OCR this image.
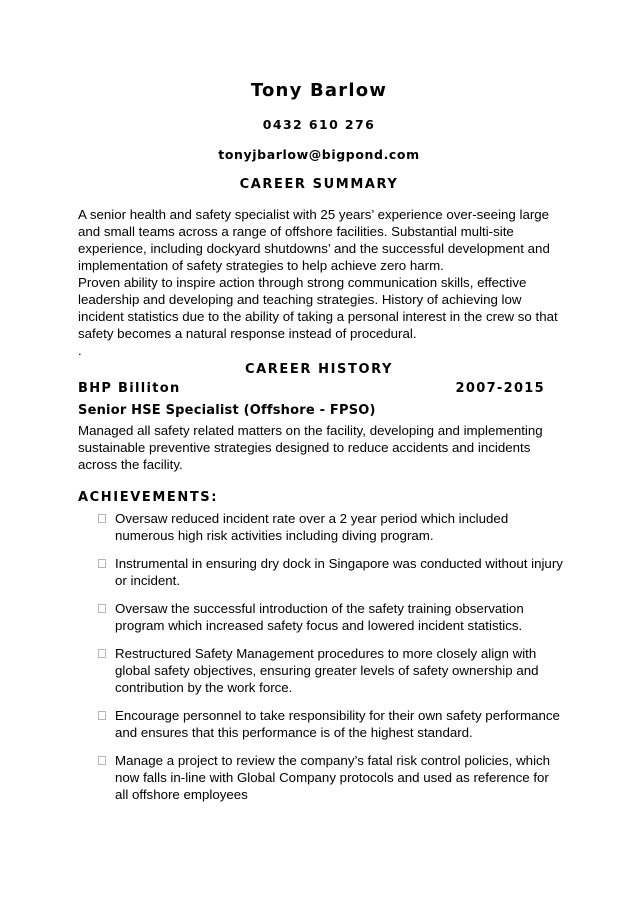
Tony Barlow
0432 610 276
tonyjbarlow@bigpond.com
CAREER SUMMARY
A senior health and safety specialist with 25 years’ experience over-seeing large and small teams across a range of offshore facilities. Substantial multi-site experience, including dockyard shutdowns’ and the successful development and implementation of safety strategies to help achieve zero harm.
Proven ability to inspire action through strong communication skills, effective leadership and developing and teaching strategies. History of achieving low incident statistics due to the ability of taking a personal interest in the crew so that safety becomes a natural response instead of procedural.
.
CAREER HISTORY
BHP Billiton	2007-2015
Senior HSE Specialist (Offshore - FPSO)
Managed all safety related matters on the facility, developing and implementing sustainable preventive strategies designed to reduce accidents and incidents across the facility.
ACHIEVEMENTS:
Oversaw reduced incident rate over a 2 year period which included numerous high risk activities including diving program.
Instrumental in ensuring dry dock in Singapore was conducted without injury or incident.
Oversaw the successful introduction of the safety training observation program which increased safety focus and lowered incident statistics.
Restructured Safety Management procedures to more closely align with global safety objectives, ensuring greater levels of safety ownership and contribution by the work force.
Encourage personnel to take responsibility for their own safety performance and ensures that this performance is of the highest standard.
Manage a project to review the company’s fatal risk control policies, which now falls in-line with Global Company protocols and used as reference for all offshore employees
